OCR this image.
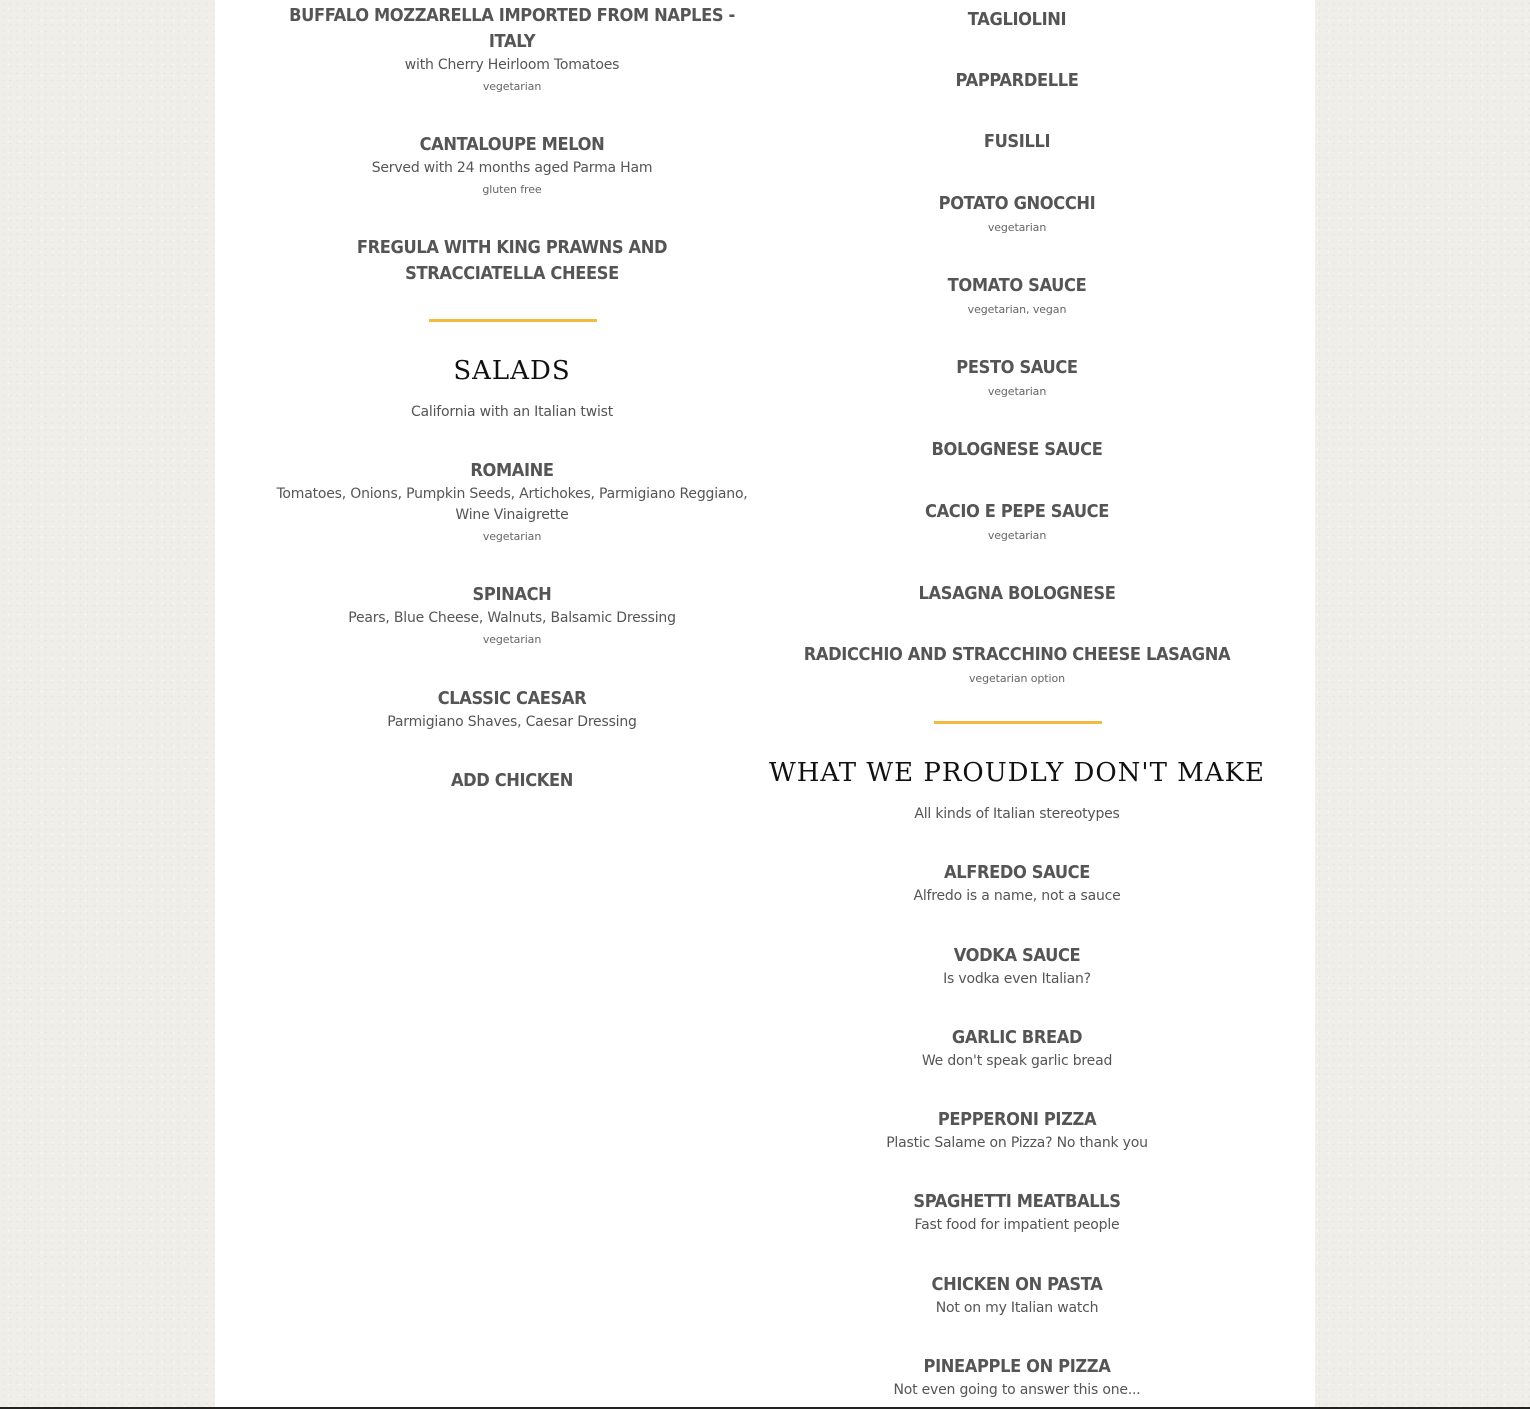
BUFFALO MOZZARELLA IMPORTED FROM NAPLES - ITALY
with Cherry Heirloom Tomatoes
vegetarian
CANTALOUPE MELON
Served with 24 months aged Parma Ham
gluten free
FREGULA WITH KING PRAWNS AND STRACCIATELLA CHEESE
SALADS
California with an Italian twist
ROMAINE
Tomatoes, Onions, Pumpkin Seeds, Artichokes, Parmigiano Reggiano, Wine Vinaigrette
vegetarian
SPINACH
Pears, Blue Cheese, Walnuts, Balsamic Dressing
vegetarian
CLASSIC CAESAR
Parmigiano Shaves, Caesar Dressing
ADD CHICKEN
TAGLIOLINI
PAPPARDELLE
FUSILLI
POTATO GNOCCHI
vegetarian
TOMATO SAUCE
vegetarian, vegan
PESTO SAUCE
vegetarian
BOLOGNESE SAUCE
CACIO E PEPE SAUCE
vegetarian
LASAGNA BOLOGNESE
RADICCHIO AND STRACCHINO CHEESE LASAGNA
vegetarian option
WHAT WE PROUDLY DON'T MAKE
All kinds of Italian stereotypes
ALFREDO SAUCE
Alfredo is a name, not a sauce
VODKA SAUCE
Is vodka even Italian?
GARLIC BREAD
We don't speak garlic bread
PEPPERONI PIZZA
Plastic Salame on Pizza? No thank you
SPAGHETTI MEATBALLS
Fast food for impatient people
CHICKEN ON PASTA
Not on my Italian watch
PINEAPPLE ON PIZZA
Not even going to answer this one...
